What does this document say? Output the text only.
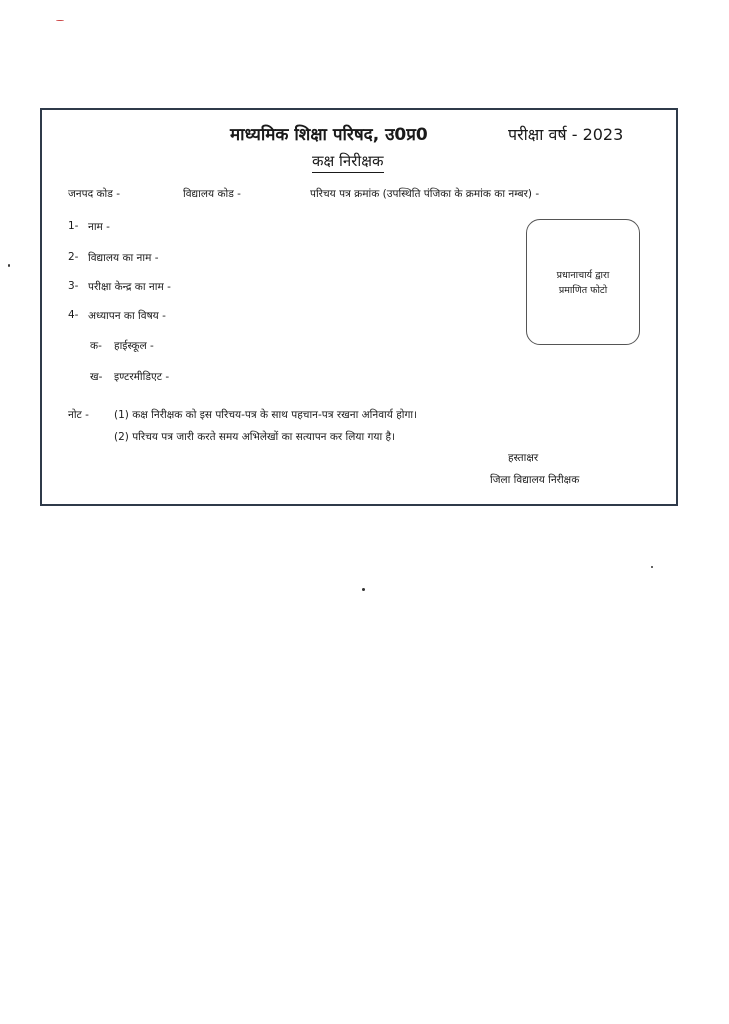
माध्यमिक शिक्षा परिषद, उ0प्र0	परीक्षा वर्ष - 2023
कक्ष निरीक्षक
जनपद कोड -	विद्यालय कोड -	परिचय पत्र क्रमांक (उपस्थिति पंजिका के क्रमांक का नम्बर) -
1- नाम -
2- विद्यालय का नाम -
3- परीक्षा केन्द्र का नाम -
4- अध्यापन का विषय -
क- हाईस्कूल -
ख- इण्टरमीडिएट -
प्रधानाचार्य द्वारा
प्रमाणित फोटो
नोट - (1) कक्ष निरीक्षक को इस परिचय-पत्र के साथ पहचान-पत्र रखना अनिवार्य होगा।
(2) परिचय पत्र जारी करते समय अभिलेखों का सत्यापन कर लिया गया है।
हस्ताक्षर
जिला विद्यालय निरीक्षक
